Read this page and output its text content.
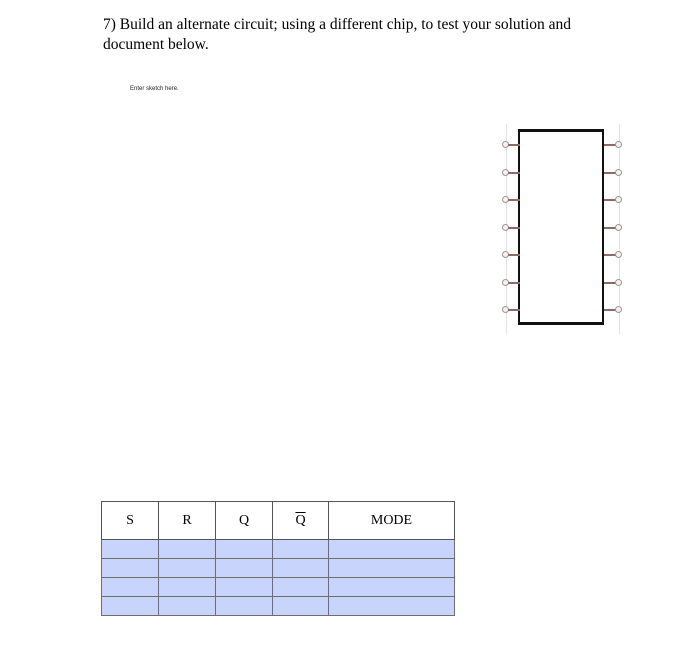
7) Build an alternate circuit; using a different chip, to test your solution and
document below.
Enter sketch here.
S	R	Q	$\overline{Q}$	MODE
